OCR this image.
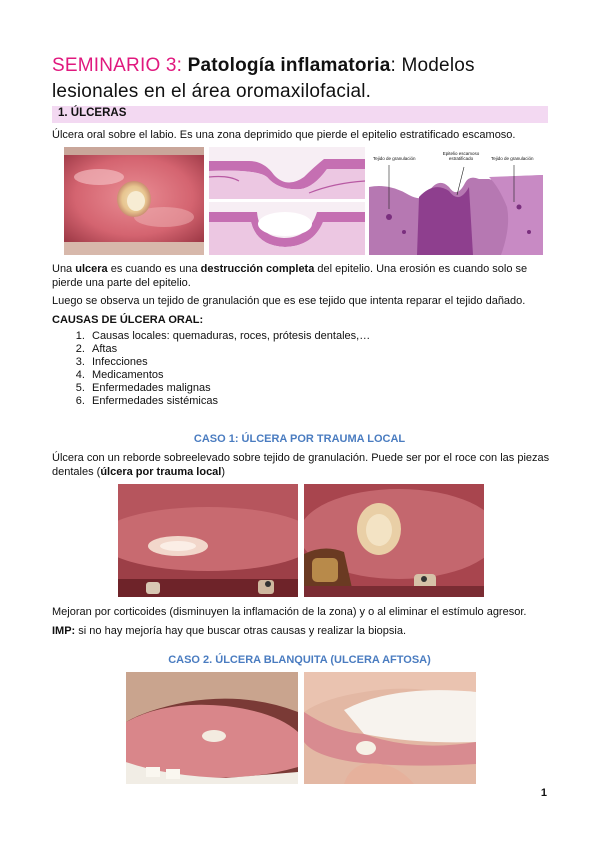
SEMINARIO 3: Patología inflamatoria: Modelos lesionales en el área oromaxilofacial.
1. ÚLCERAS
Úlcera oral sobre el labio. Es una zona deprimido que pierde el epitelio estratificado escamoso.
Tejido de granulación
Epitelio escamoso estratificado	Tejido de granulación
Una ulcera es cuando es una destrucción completa del epitelio. Una erosión es cuando solo se pierde una parte del epitelio.
Luego se observa un tejido de granulación que es ese tejido que intenta reparar el tejido dañado.
CAUSAS DE ÚLCERA ORAL:
1. Causas locales: quemaduras, roces, prótesis dentales,…
2. Aftas
3. Infecciones
4. Medicamentos
5. Enfermedades malignas
6. Enfermedades sistémicas
CASO 1: ÚLCERA POR TRAUMA LOCAL
Úlcera con un reborde sobreelevado sobre tejido de granulación. Puede ser por el roce con las piezas dentales (úlcera por trauma local)
Mejoran por corticoides (disminuyen la inflamación de la zona) y o al eliminar el estímulo agresor.
IMP: si no hay mejoría hay que buscar otras causas y realizar la biopsia.
CASO 2. ÚLCERA BLANQUITA (ULCERA AFTOSA)
1
